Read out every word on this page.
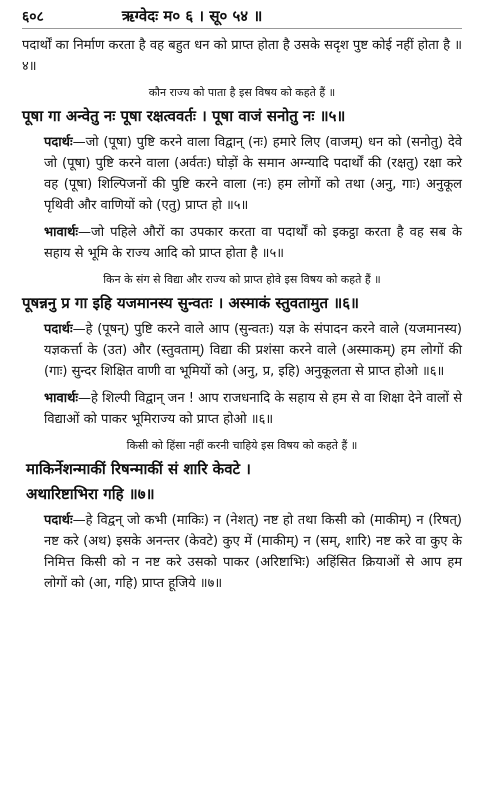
६०८	ऋग्वेदः म० ६ । सू० ५४ ॥

पदार्थों का निर्माण करता है वह बहुत धन को प्राप्त होता है उसके सदृश पुष्ट कोई नहीं होता है ॥४॥

कौन राज्य को पाता है इस विषय को कहते हैं ॥

पूषा गा अन्वेतु नः पूषा रक्षत्ववर्तः । पूषा वाजं सनोतु नः ॥५॥

पदार्थः—जो (पूषा) पुष्टि करने वाला विद्वान् (नः) हमारे लिए (वाजम्) धन को (सनोतु) देवे जो (पूषा) पुष्टि करने वाला (अर्वतः) घोड़ों के समान अग्न्यादि पदार्थों की (रक्षतु) रक्षा करे वह (पूषा) शिल्पिजनों की पुष्टि करने वाला (नः) हम लोगों को तथा (अनु, गाः) अनुकूल पृथिवी और वाणियों को (एतु) प्राप्त हो ॥५॥

भावार्थः—जो पहिले औरों का उपकार करता वा पदार्थों को इकट्ठा करता है वह सब के सहाय से भूमि के राज्य आदि को प्राप्त होता है ॥५॥

किन के संग से विद्या और राज्य को प्राप्त होवे इस विषय को कहते हैं ॥

पूषन्ननु प्र गा इहि यजमानस्य सुन्वतः । अस्माकं स्तुवतामुत ॥६॥

पदार्थः—हे (पूषन्) पुष्टि करने वाले आप (सुन्वतः) यज्ञ के संपादन करने वाले (यजमानस्य) यज्ञकर्त्ता के (उत) और (स्तुवताम्) विद्या की प्रशंसा करने वाले (अस्माकम्) हम लोगों की (गाः) सुन्दर शिक्षित वाणी वा भूमियों को (अनु, प्र, इहि) अनुकूलता से प्राप्त होओ ॥६॥

भावार्थः—हे शिल्पी विद्वान् जन ! आप राजधनादि के सहाय से हम से वा शिक्षा देने वालों से विद्याओं को पाकर भूमिराज्य को प्राप्त होओ ॥६॥

किसी को हिंसा नहीं करनी चाहिये इस विषय को कहते हैं ॥

माकिर्नेशन्माकीं रिषन्माकीं सं शारि केवटे ।

अथारिष्टाभिरा गहि ॥७॥

पदार्थः—हे विद्वन् जो कभी (माकिः) न (नेशत्) नष्ट हो तथा किसी को (माकीम्) न (रिषत्) नष्ट करे (अथ) इसके अनन्तर (केवटे) कुए में (माकीम्) न (सम्, शारि) नष्ट करे वा कुए के निमित्त किसी को न नष्ट करे उसको पाकर (अरिष्टाभिः) अहिंसित क्रियाओं से आप हम लोगों को (आ, गहि) प्राप्त हूजिये ॥७॥
